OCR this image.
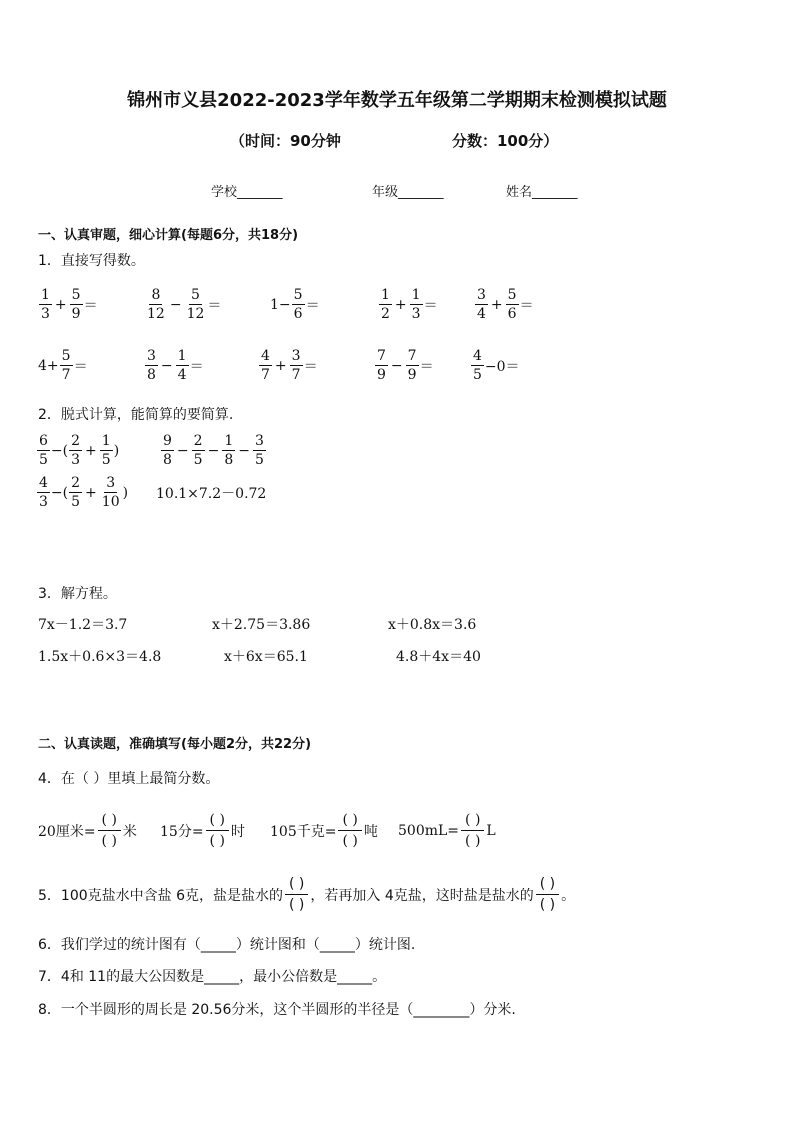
锦州市义县2022-2023学年数学五年级第二学期期末检测模拟试题
（时间：90分钟	分数：100分）
学校_______	年级_______	姓名_______
一、认真审题，细心计算(每题6分，共18分)
1．直接写得数。
$\frac{1}{3} + \frac{5}{9}$ ＝	$\frac{8}{12} - \frac{5}{12}$ ＝	$1- \frac{5}{6}$ ＝	$\frac{1}{2} + \frac{1}{3}$ ＝	$\frac{3}{4} + \frac{5}{6}$ ＝
$4+ \frac{5}{7}$ ＝	$\frac{3}{8} - \frac{1}{4}$ ＝	$\frac{4}{7} + \frac{3}{7}$ ＝	$\frac{7}{9} - \frac{7}{9}$ ＝	$\frac{4}{5} -0=$
2．脱式计算，能简算的要简算.
$\frac{6}{5}$ −( $\frac{2}{3} + \frac{1}{5}$ )	$\frac{9}{8} - \frac{2}{5} - \frac{1}{8} - \frac{3}{5}$
$\frac{4}{3}$ −( $\frac{2}{5} + \frac{3}{10}$ ) 10.1×7.2－0.72
3．解方程。
7x－1.2＝3.7	x＋2.75＝3.86	x＋0.8x＝3.6
1.5x＋0.6×3＝4.8	x＋6x＝65.1	4.8＋4x＝40
二、认真读题，准确填写(每小题2分，共22分)
4．在（ ）里填上最简分数。
20厘米=
( )
( )
米 15分=
( )
( )
时 105千克=
( )
( )
吨 500mL=
( )
( )
L
5．100克盐水中含盐 6克，盐是盐水的
( )
( )
，若再加入 4克盐，这时盐是盐水的
( )
( )
。
6．我们学过的统计图有（_____）统计图和（_____）统计图.
7．4和 11的最大公因数是_____，最小公倍数是_____。
8．一个半圆形的周长是 20.56分米，这个半圆形的半径是（________）分米.
